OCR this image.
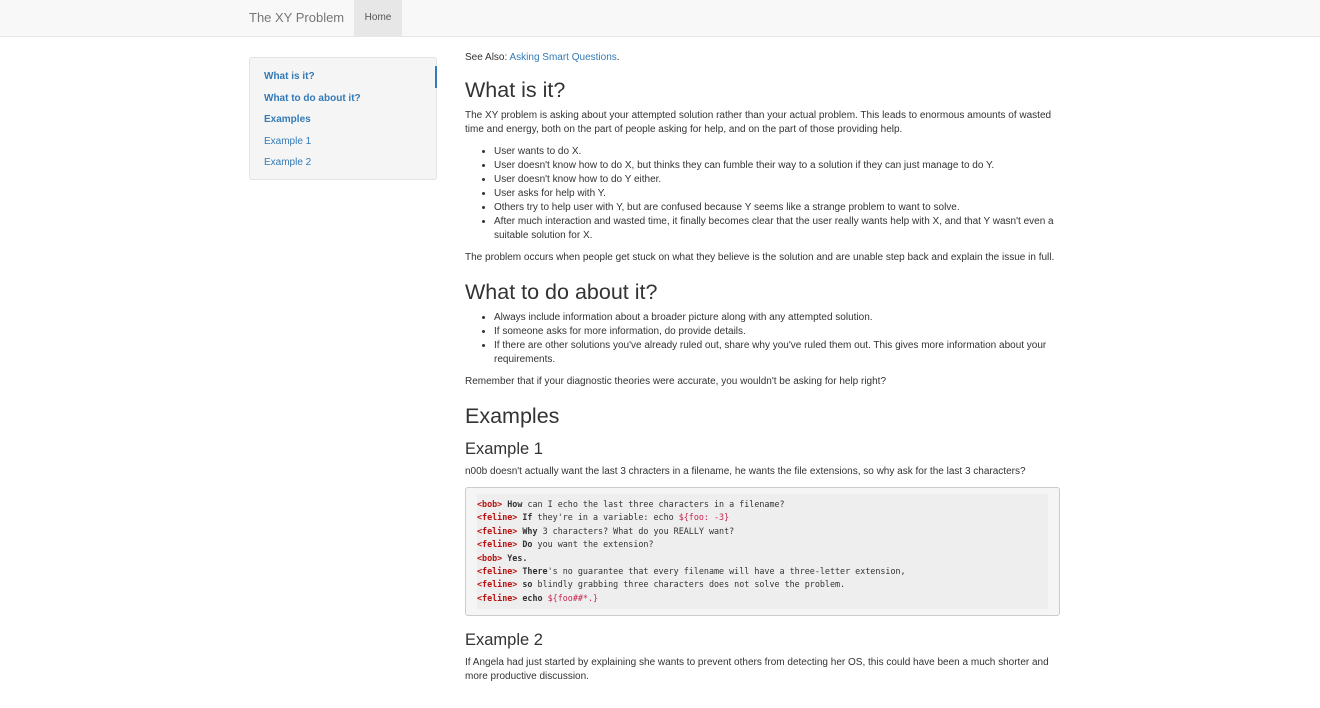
The XY Problem	Home
What is it?
What to do about it?
Examples
Example 1
Example 2

See Also: Asking Smart Questions.

What is it?

The XY problem is asking about your attempted solution rather than your actual problem. This leads to enormous amounts of wasted time and energy, both on the part of people asking for help, and on the part of those providing help.

• User wants to do X.
• User doesn't know how to do X, but thinks they can fumble their way to a solution if they can just manage to do Y.
• User doesn't know how to do Y either.
• User asks for help with Y.
• Others try to help user with Y, but are confused because Y seems like a strange problem to want to solve.
• After much interaction and wasted time, it finally becomes clear that the user really wants help with X, and that Y wasn't even a suitable solution for X.

The problem occurs when people get stuck on what they believe is the solution and are unable step back and explain the issue in full.

What to do about it?
• Always include information about a broader picture along with any attempted solution.
• If someone asks for more information, do provide details.
• If there are other solutions you've already ruled out, share why you've ruled them out. This gives more information about your requirements.

Remember that if your diagnostic theories were accurate, you wouldn't be asking for help right?

Examples
Example 1

n00b doesn't actually want the last 3 chracters in a filename, he wants the file extensions, so why ask for the last 3 characters?

<bob> How can I echo the last three characters in a filename?
<feline> If they're in a variable: echo ${foo: -3}
<feline> Why 3 characters? What do you REALLY want?
<feline> Do you want the extension?
<bob> Yes.
<feline> There's no guarantee that every filename will have a three-letter extension,
<feline> so blindly grabbing three characters does not solve the problem.
<feline> echo ${foo##*.}
Example 2

If Angela had just started by explaining she wants to prevent others from detecting her OS, this could have been a much shorter and more productive discussion.
